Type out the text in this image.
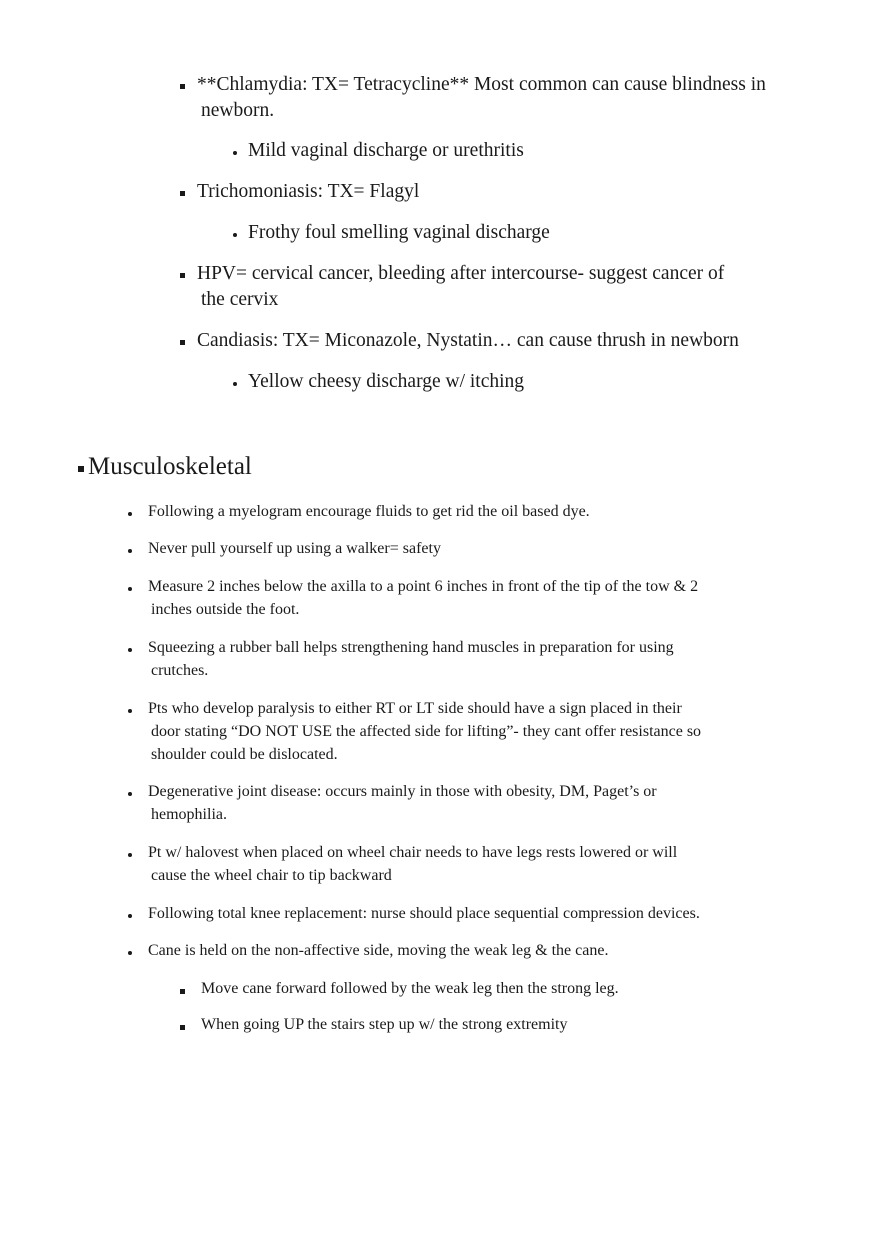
**Chlamydia: TX= Tetracycline** Most common can cause blindness in
newborn.
Mild vaginal discharge or urethritis
Trichomoniasis: TX= Flagyl
Frothy foul smelling vaginal discharge
HPV= cervical cancer, bleeding after intercourse- suggest cancer of
the cervix
Candiasis: TX= Miconazole, Nystatin… can cause thrush in newborn
Yellow cheesy discharge w/ itching
Musculoskeletal
Following a myelogram encourage fluids to get rid the oil based dye.
Never pull yourself up using a walker= safety
Measure 2 inches below the axilla to a point 6 inches in front of the tip of the tow & 2
inches outside the foot.
Squeezing a rubber ball helps strengthening hand muscles in preparation for using
crutches.
Pts who develop paralysis to either RT or LT side should have a sign placed in their
door stating “DO NOT USE the affected side for lifting”- they cant offer resistance so
shoulder could be dislocated.
Degenerative joint disease: occurs mainly in those with obesity, DM, Paget’s or
hemophilia.
Pt w/ halovest when placed on wheel chair needs to have legs rests lowered or will
cause the wheel chair to tip backward
Following total knee replacement: nurse should place sequential compression devices.
Cane is held on the non-affective side, moving the weak leg & the cane.
Move cane forward followed by the weak leg then the strong leg.
When going UP the stairs step up w/ the strong extremity
